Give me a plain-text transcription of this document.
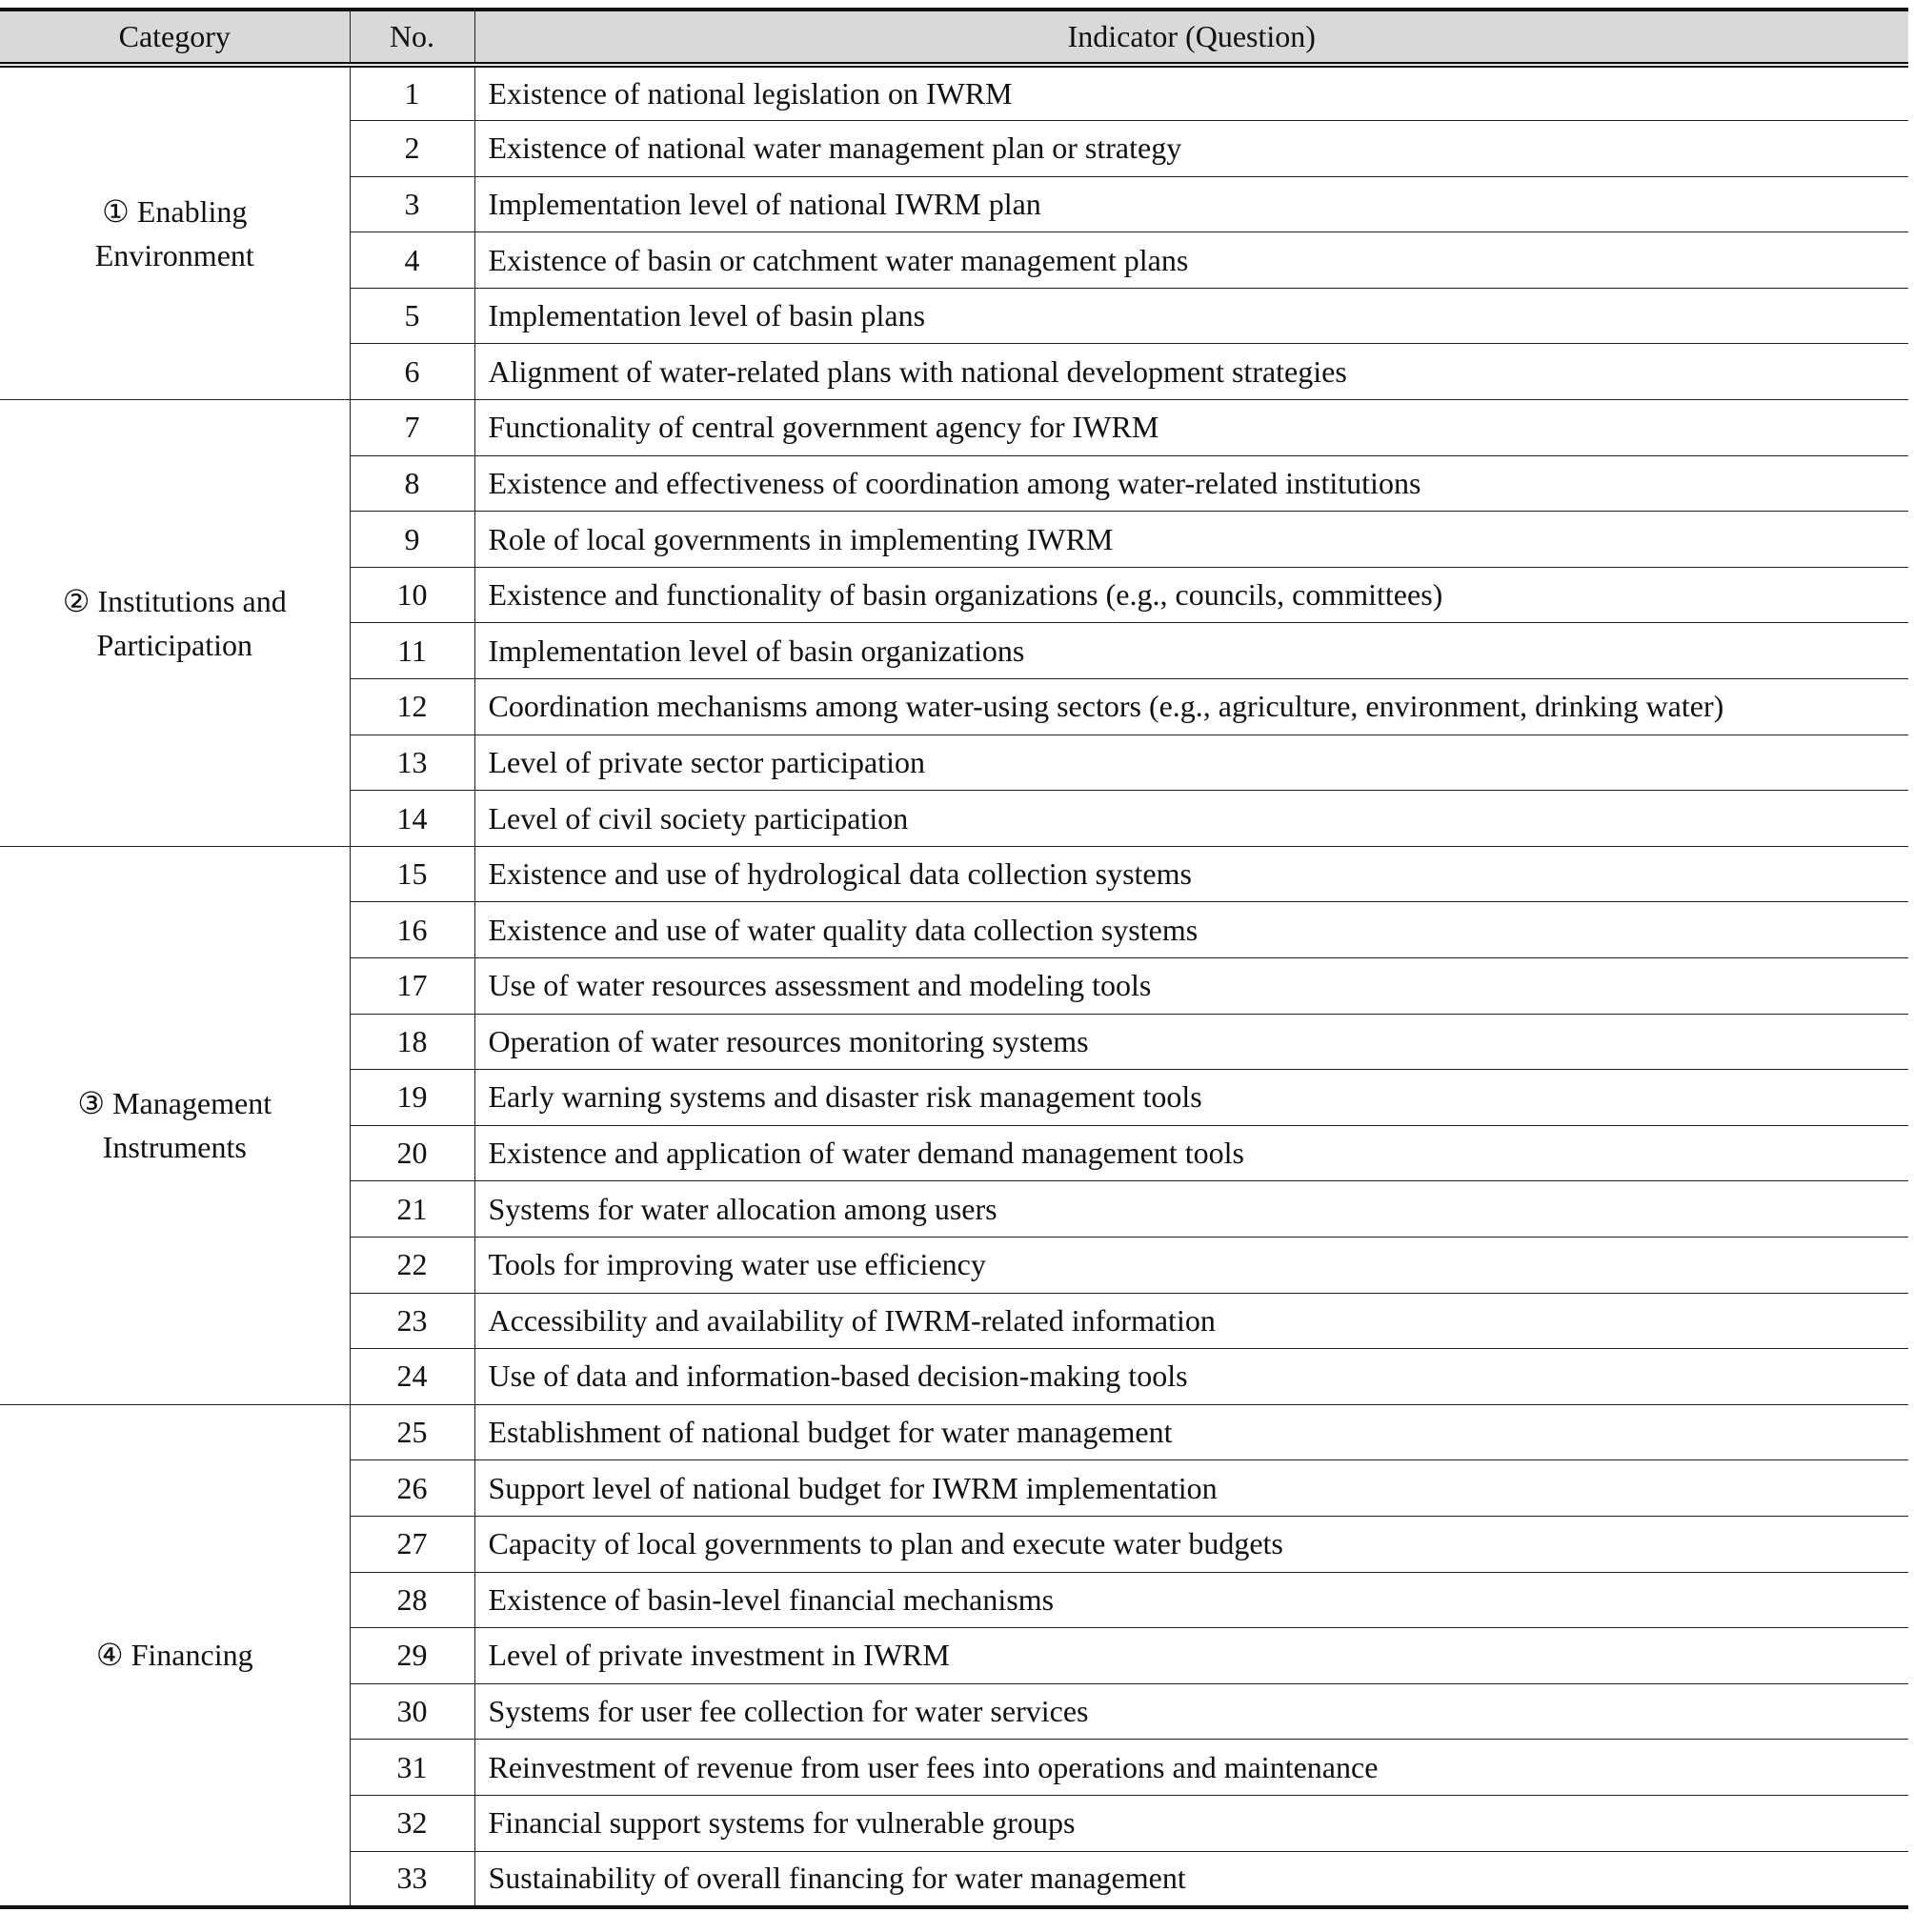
Category	No.	Indicator (Question)

① Enabling
Environment	1	Existence of national legislation on IWRM
	2	Existence of national water management plan or strategy
	3	Implementation level of national IWRM plan
	4	Existence of basin or catchment water management plans
	5	Implementation level of basin plans
	6	Alignment of water-related plans with national development strategies

② Institutions and
Participation	7	Functionality of central government agency for IWRM
	8	Existence and effectiveness of coordination among water-related institutions
	9	Role of local governments in implementing IWRM
	10	Existence and functionality of basin organizations (e.g., councils, committees)
	11	Implementation level of basin organizations
	12	Coordination mechanisms among water-using sectors (e.g., agriculture, environment, drinking water)
	13	Level of private sector participation
	14	Level of civil society participation

③ Management
Instruments	15	Existence and use of hydrological data collection systems
	16	Existence and use of water quality data collection systems
	17	Use of water resources assessment and modeling tools
	18	Operation of water resources monitoring systems
	19	Early warning systems and disaster risk management tools
	20	Existence and application of water demand management tools
	21	Systems for water allocation among users
	22	Tools for improving water use efficiency
	23	Accessibility and availability of IWRM-related information
	24	Use of data and information-based decision-making tools

④ Financing	25	Establishment of national budget for water management
	26	Support level of national budget for IWRM implementation
	27	Capacity of local governments to plan and execute water budgets
	28	Existence of basin-level financial mechanisms
	29	Level of private investment in IWRM
	30	Systems for user fee collection for water services
	31	Reinvestment of revenue from user fees into operations and maintenance
	32	Financial support systems for vulnerable groups
	33	Sustainability of overall financing for water management
